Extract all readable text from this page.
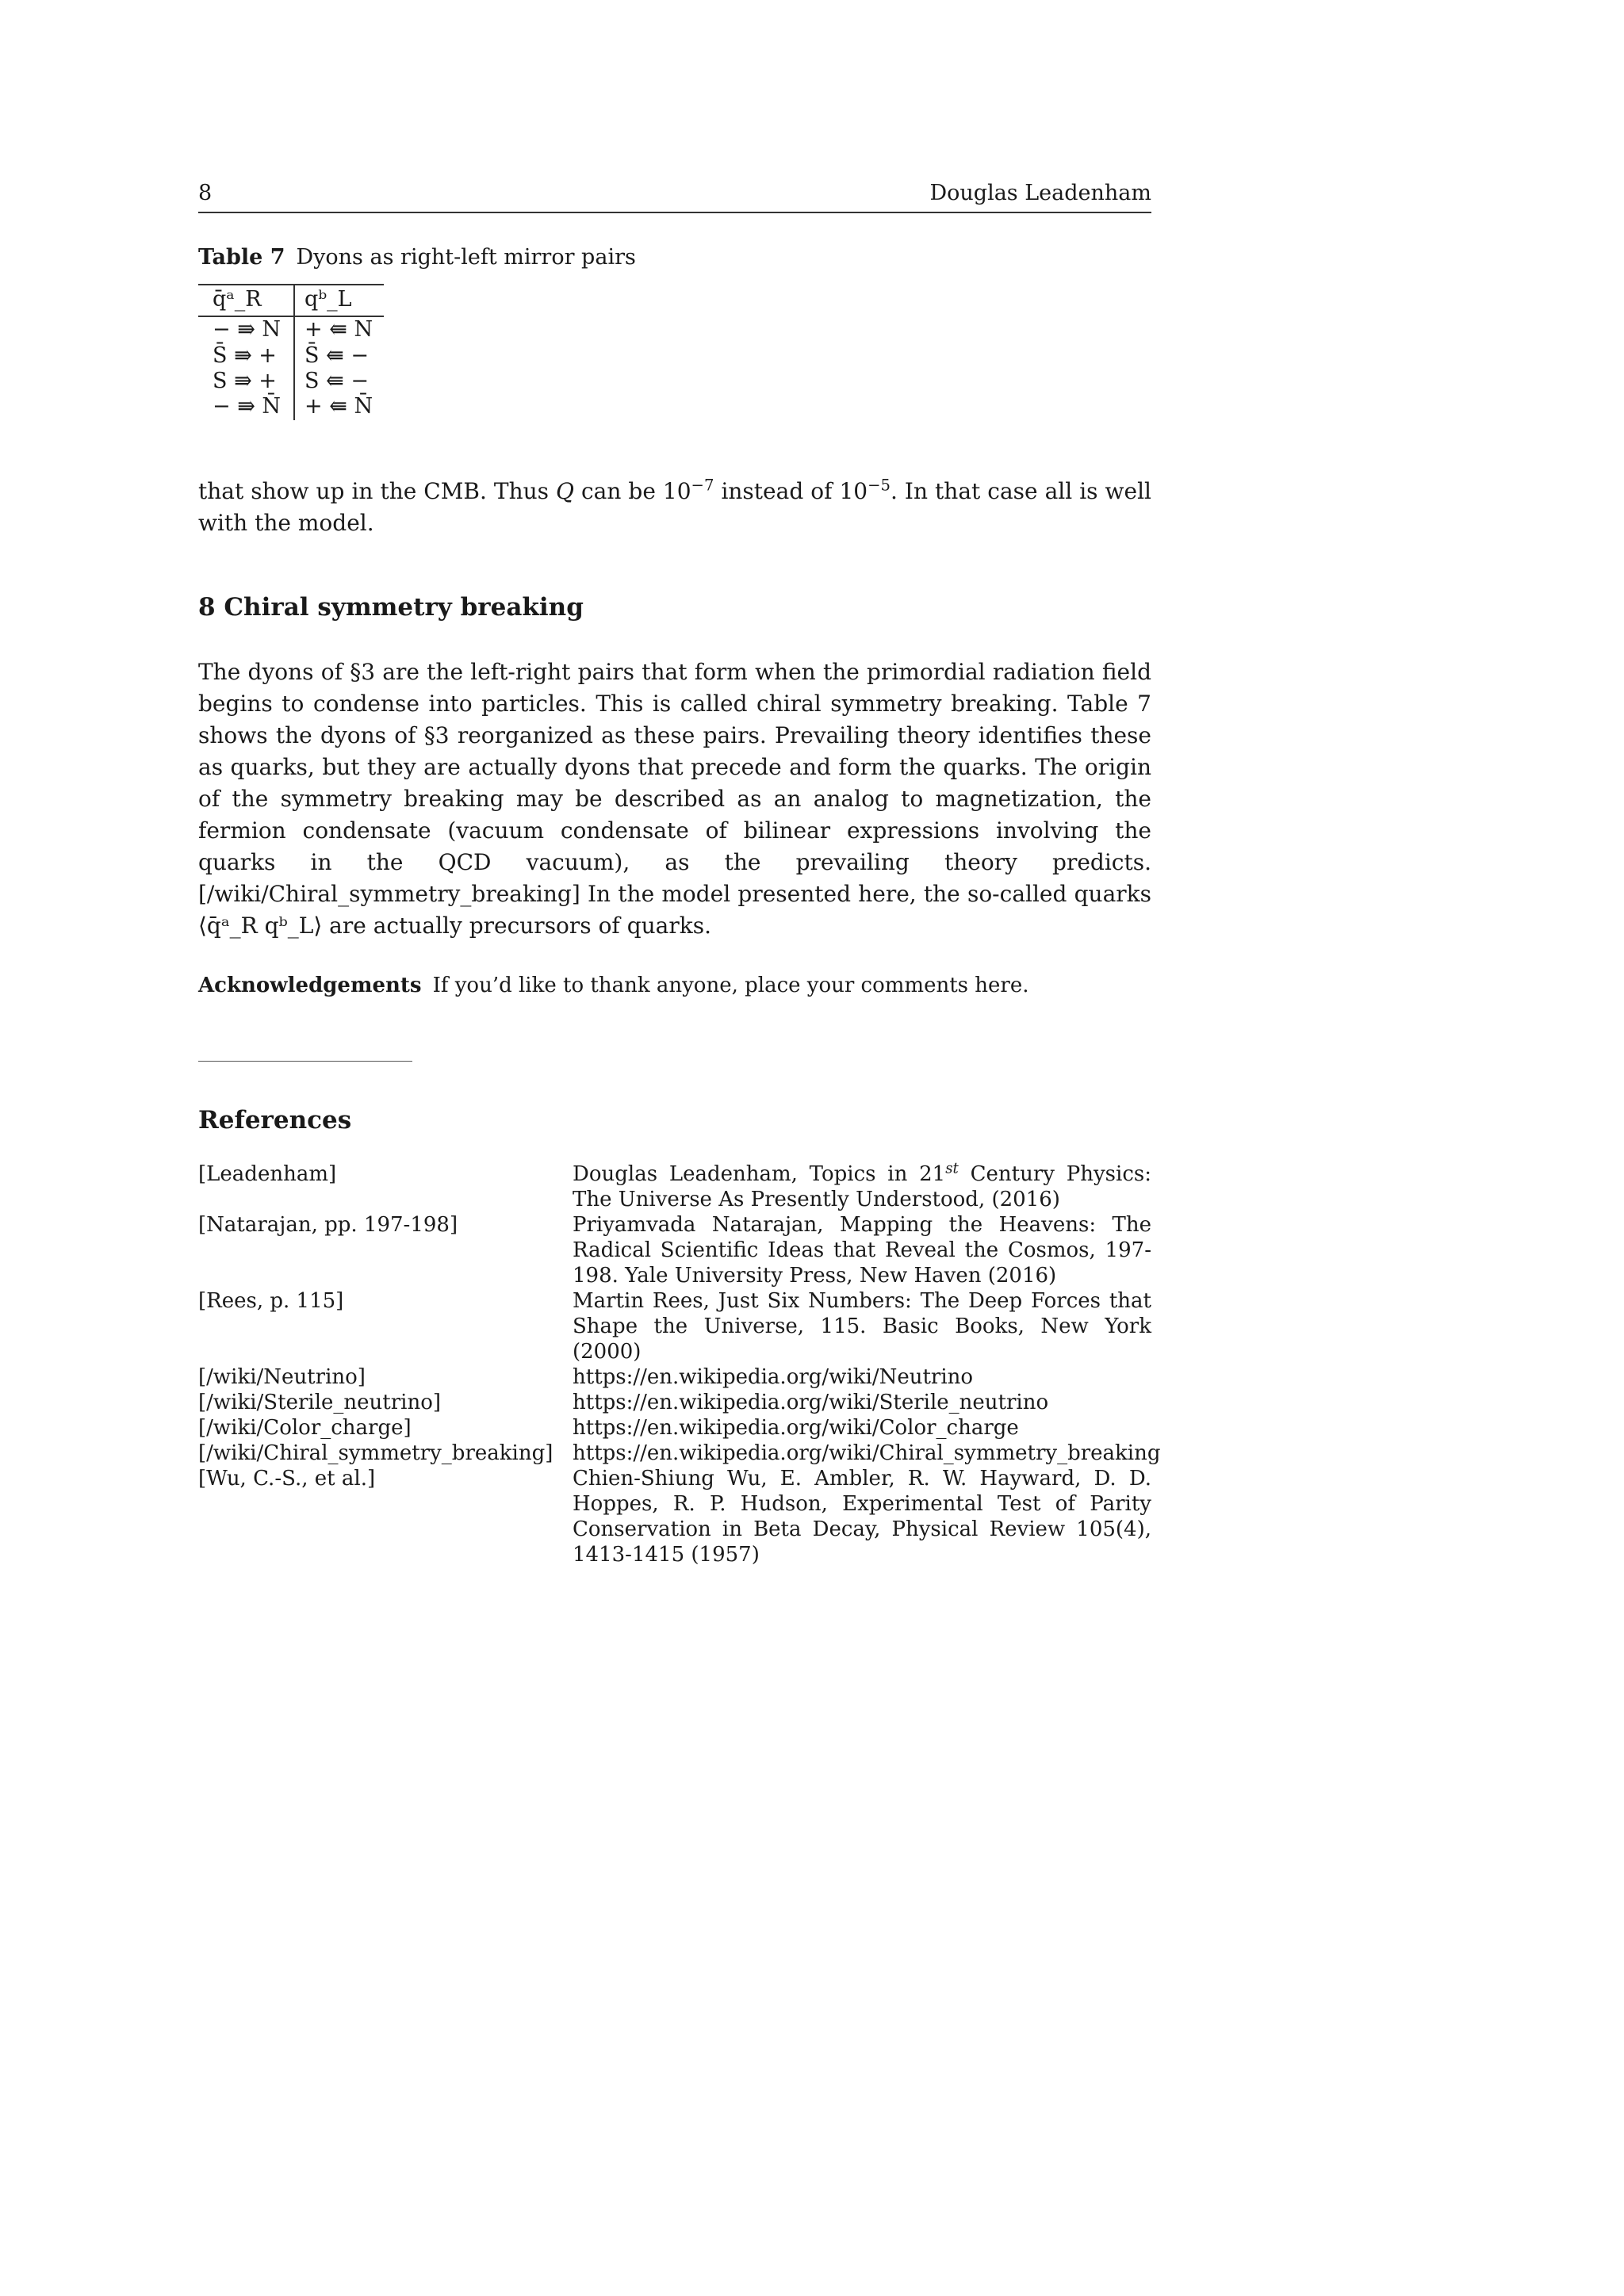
8	Douglas Leadenham
Table 7 Dyons as right-left mirror pairs
q̄ᵃ_R	qᵇ_L
− ⇛ N	+ ⇚ N
S̄ ⇛ +	S̄ ⇚ −
S ⇛ +	S ⇚ −
− ⇛ N̄	+ ⇚ N̄

that show up in the CMB. Thus Q can be $10^{-7}$ instead of $10^{-5}$. In that case all is well with the model.

8 Chiral symmetry breaking

The dyons of §3 are the left-right pairs that form when the primordial radiation field begins to condense into particles. This is called chiral symmetry breaking. Table 7 shows the dyons of §3 reorganized as these pairs. Prevailing theory identifies these as quarks, but they are actually dyons that precede and form the quarks. The origin of the symmetry breaking may be described as an analog to magnetization, the fermion condensate (vacuum condensate of bilinear expressions involving the quarks in the QCD vacuum), as the prevailing theory predicts.[/wiki/Chiral_symmetry_breaking] In the model presented here, the so-called quarks ⟨q̄ᵃ_R qᵇ_L⟩ are actually precursors of quarks.

Acknowledgements If you’d like to thank anyone, place your comments here.
References
[Leadenham]	Douglas Leadenham, Topics in 21st Century Physics: The Universe As Presently Understood, (2016)
[Natarajan, pp. 197-198]	Priyamvada Natarajan, Mapping the Heavens: The Radical Scientific Ideas that Reveal the Cosmos, 197-198. Yale University Press, New Haven (2016)
[Rees, p. 115]	Martin Rees, Just Six Numbers: The Deep Forces that Shape the Universe, 115. Basic Books, New York (2000)
[/wiki/Neutrino]	https://en.wikipedia.org/wiki/Neutrino
[/wiki/Sterile_neutrino]	https://en.wikipedia.org/wiki/Sterile_neutrino
[/wiki/Color_charge]	https://en.wikipedia.org/wiki/Color_charge
[/wiki/Chiral_symmetry_breaking] https://en.wikipedia.org/wiki/Chiral_symmetry_breaking
[Wu, C.-S., et al.]	Chien-Shiung Wu, E. Ambler, R. W. Hayward, D. D. Hoppes, R. P. Hudson, Experimental Test of Parity Conservation in Beta Decay, Physical Review 105(4), 1413-1415 (1957)
